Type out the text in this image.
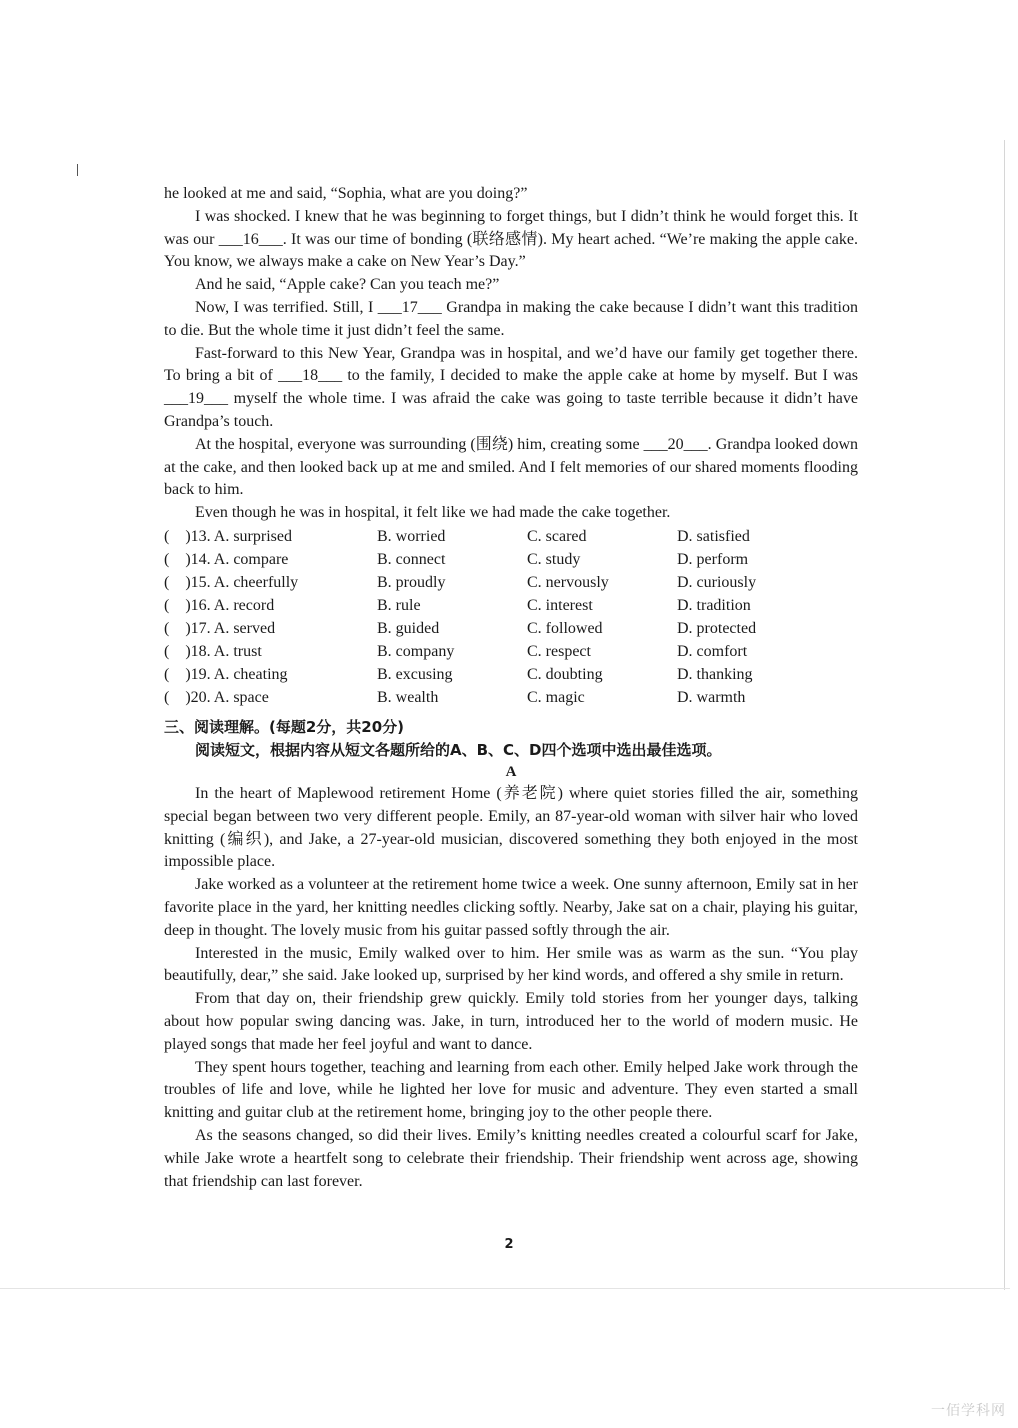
he looked at me and said, “Sophia, what are you doing?”

I was shocked. I knew that he was beginning to forget things, but I didn’t think he would forget this. It was our ___16___. It was our time of bonding (联络感情). My heart ached. “We’re making the apple cake. You know, we always make a cake on New Year’s Day.”

And he said, “Apple cake? Can you teach me?”

Now, I was terrified. Still, I ___17___ Grandpa in making the cake because I didn’t want this tradition to die. But the whole time it just didn’t feel the same.

Fast-forward to this New Year, Grandpa was in hospital, and we’d have our family get together there. To bring a bit of ___18___ to the family, I decided to make the apple cake at home by myself. But I was ___19___ myself the whole time. I was afraid the cake was going to taste terrible because it didn’t have Grandpa’s touch.

At the hospital, everyone was surrounding (围绕) him, creating some ___20___. Grandpa looked down at the cake, and then looked back up at me and smiled. And I felt memories of our shared moments flooding back to him.

Even though he was in hospital, it felt like we had made the cake together.

(    )13. A. surprised	B. worried	C. scared	D. satisfied
(    )14. A. compare	B. connect	C. study	D. perform
(    )15. A. cheerfully	B. proudly	C. nervously	D. curiously
(    )16. A. record	B. rule	C. interest	D. tradition
(    )17. A. served	B. guided	C. followed	D. protected
(    )18. A. trust	B. company	C. respect	D. comfort
(    )19. A. cheating	B. excusing	C. doubting	D. thanking
(    )20. A. space	B. wealth	C. magic	D. warmth
三、阅读理解。(每题2分，共20分)
阅读短文，根据内容从短文各题所给的A、B、C、D四个选项中选出最佳选项。
A

In the heart of Maplewood retirement Home (养老院) where quiet stories filled the air, something special began between two very different people. Emily, an 87-year-old woman with silver hair who loved knitting (编织), and Jake, a 27-year-old musician, discovered something they both enjoyed in the most impossible place.

Jake worked as a volunteer at the retirement home twice a week. One sunny afternoon, Emily sat in her favorite place in the yard, her knitting needles clicking softly. Nearby, Jake sat on a chair, playing his guitar, deep in thought. The lovely music from his guitar passed softly through the air.

Interested in the music, Emily walked over to him. Her smile was as warm as the sun. “You play beautifully, dear,” she said. Jake looked up, surprised by her kind words, and offered a shy smile in return.

From that day on, their friendship grew quickly. Emily told stories from her younger days, talking about how popular swing dancing was. Jake, in turn, introduced her to the world of modern music. He played songs that made her feel joyful and want to dance.

They spent hours together, teaching and learning from each other. Emily helped Jake work through the troubles of life and love, while he lighted her love for music and adventure. They even started a small knitting and guitar club at the retirement home, bringing joy to the other people there.

As the seasons changed, so did their lives. Emily’s knitting needles created a colourful scarf for Jake, while Jake wrote a heartfelt song to celebrate their friendship. Their friendship went across age, showing that friendship can last forever.

2
一佰学科网
